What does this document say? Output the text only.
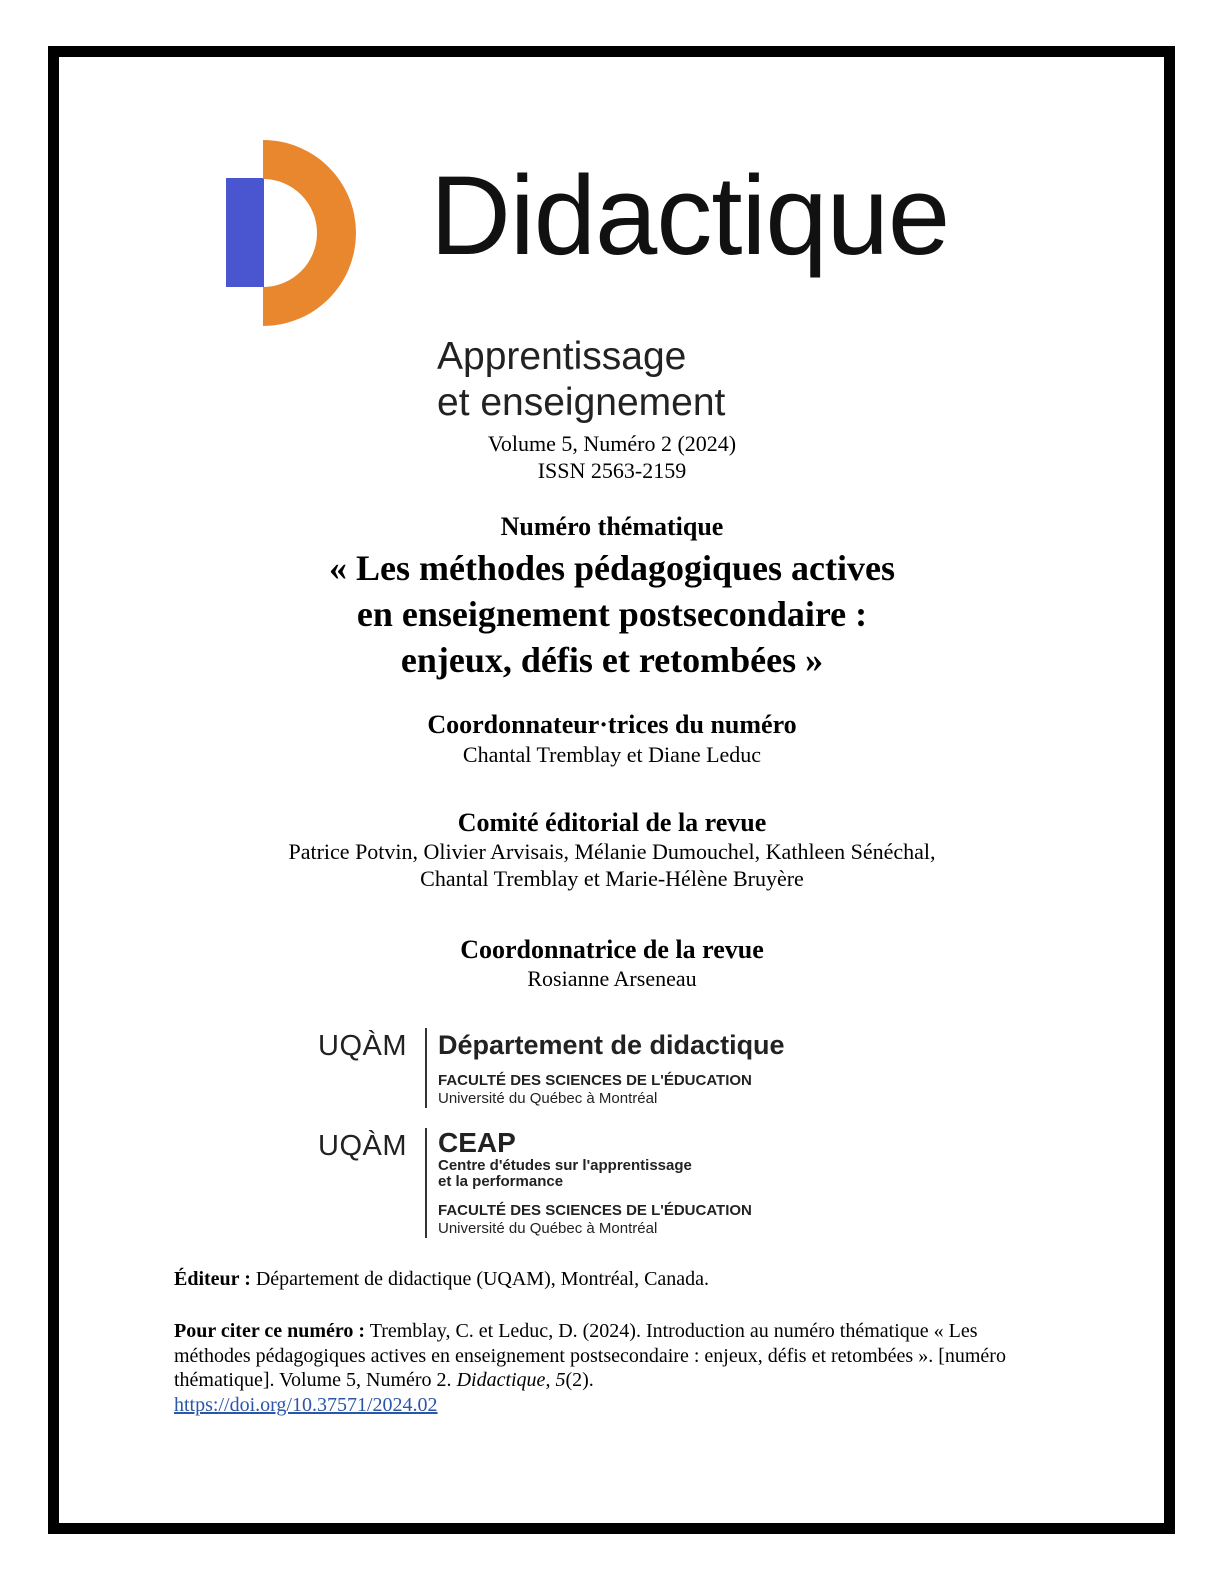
Didactique
Apprentissage
et enseignement
Volume 5, Numéro 2 (2024)
ISSN 2563-2159
Numéro thématique
« Les méthodes pédagogiques actives
en enseignement postsecondaire :
enjeux, défis et retombées »
Coordonnateur·trices du numéro
Chantal Tremblay et Diane Leduc
Comité éditorial de la revue
Patrice Potvin, Olivier Arvisais, Mélanie Dumouchel, Kathleen Sénéchal,
Chantal Tremblay et Marie-Hélène Bruyère
Coordonnatrice de la revue
Rosianne Arseneau
UQÀM Département de didactique
FACULTÉ DES SCIENCES DE L'ÉDUCATION
Université du Québec à Montréal
UQÀM CEAP
Centre d'études sur l'apprentissage
et la performance
FACULTÉ DES SCIENCES DE L'ÉDUCATION
Université du Québec à Montréal
Éditeur : Département de didactique (UQAM), Montréal, Canada.
Pour citer ce numéro : Tremblay, C. et Leduc, D. (2024). Introduction au numéro thématique « Les méthodes pédagogiques actives en enseignement postsecondaire : enjeux, défis et retombées ». [numéro thématique]. Volume 5, Numéro 2. Didactique, 5(2).
https://doi.org/10.37571/2024.02
